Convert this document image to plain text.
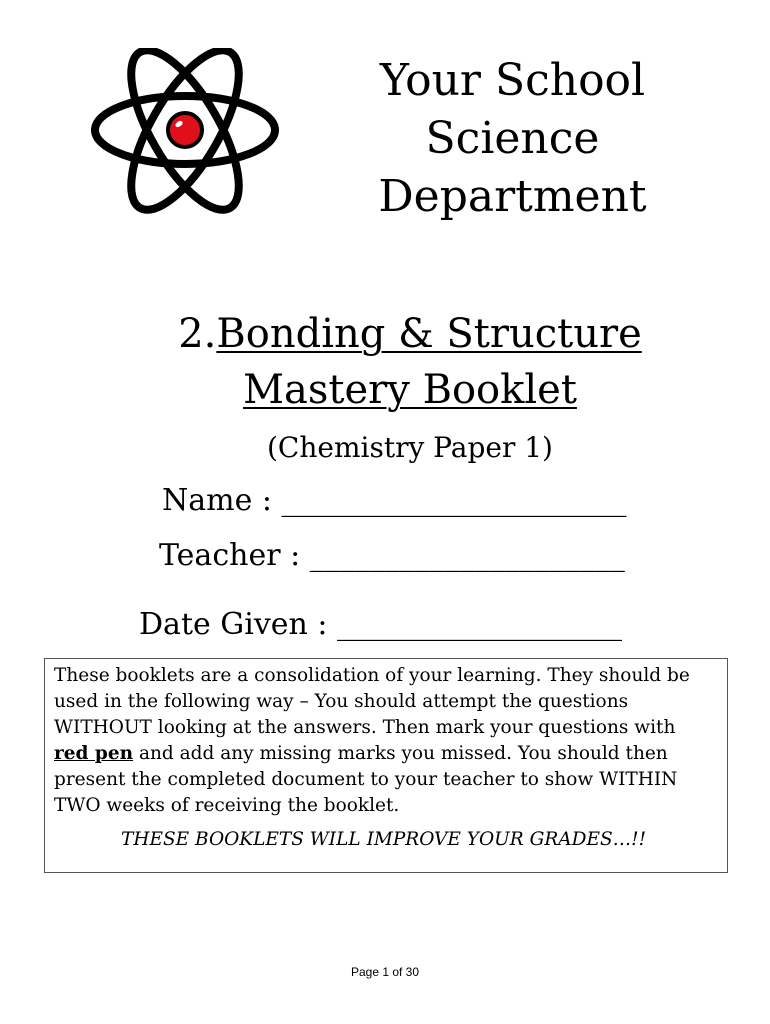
Your School
Science
Department
2.Bonding & Structure
Mastery Booklet
(Chemistry Paper 1)
Name : _______________________
Teacher : _____________________
Date Given : ___________________
These booklets are a consolidation of your learning. They should be used in the following way – You should attempt the questions WITHOUT looking at the answers. Then mark your questions with red pen and add any missing marks you missed. You should then present the completed document to your teacher to show WITHIN TWO weeks of receiving the booklet.
THESE BOOKLETS WILL IMPROVE YOUR GRADES…!!
Page 1 of 30
